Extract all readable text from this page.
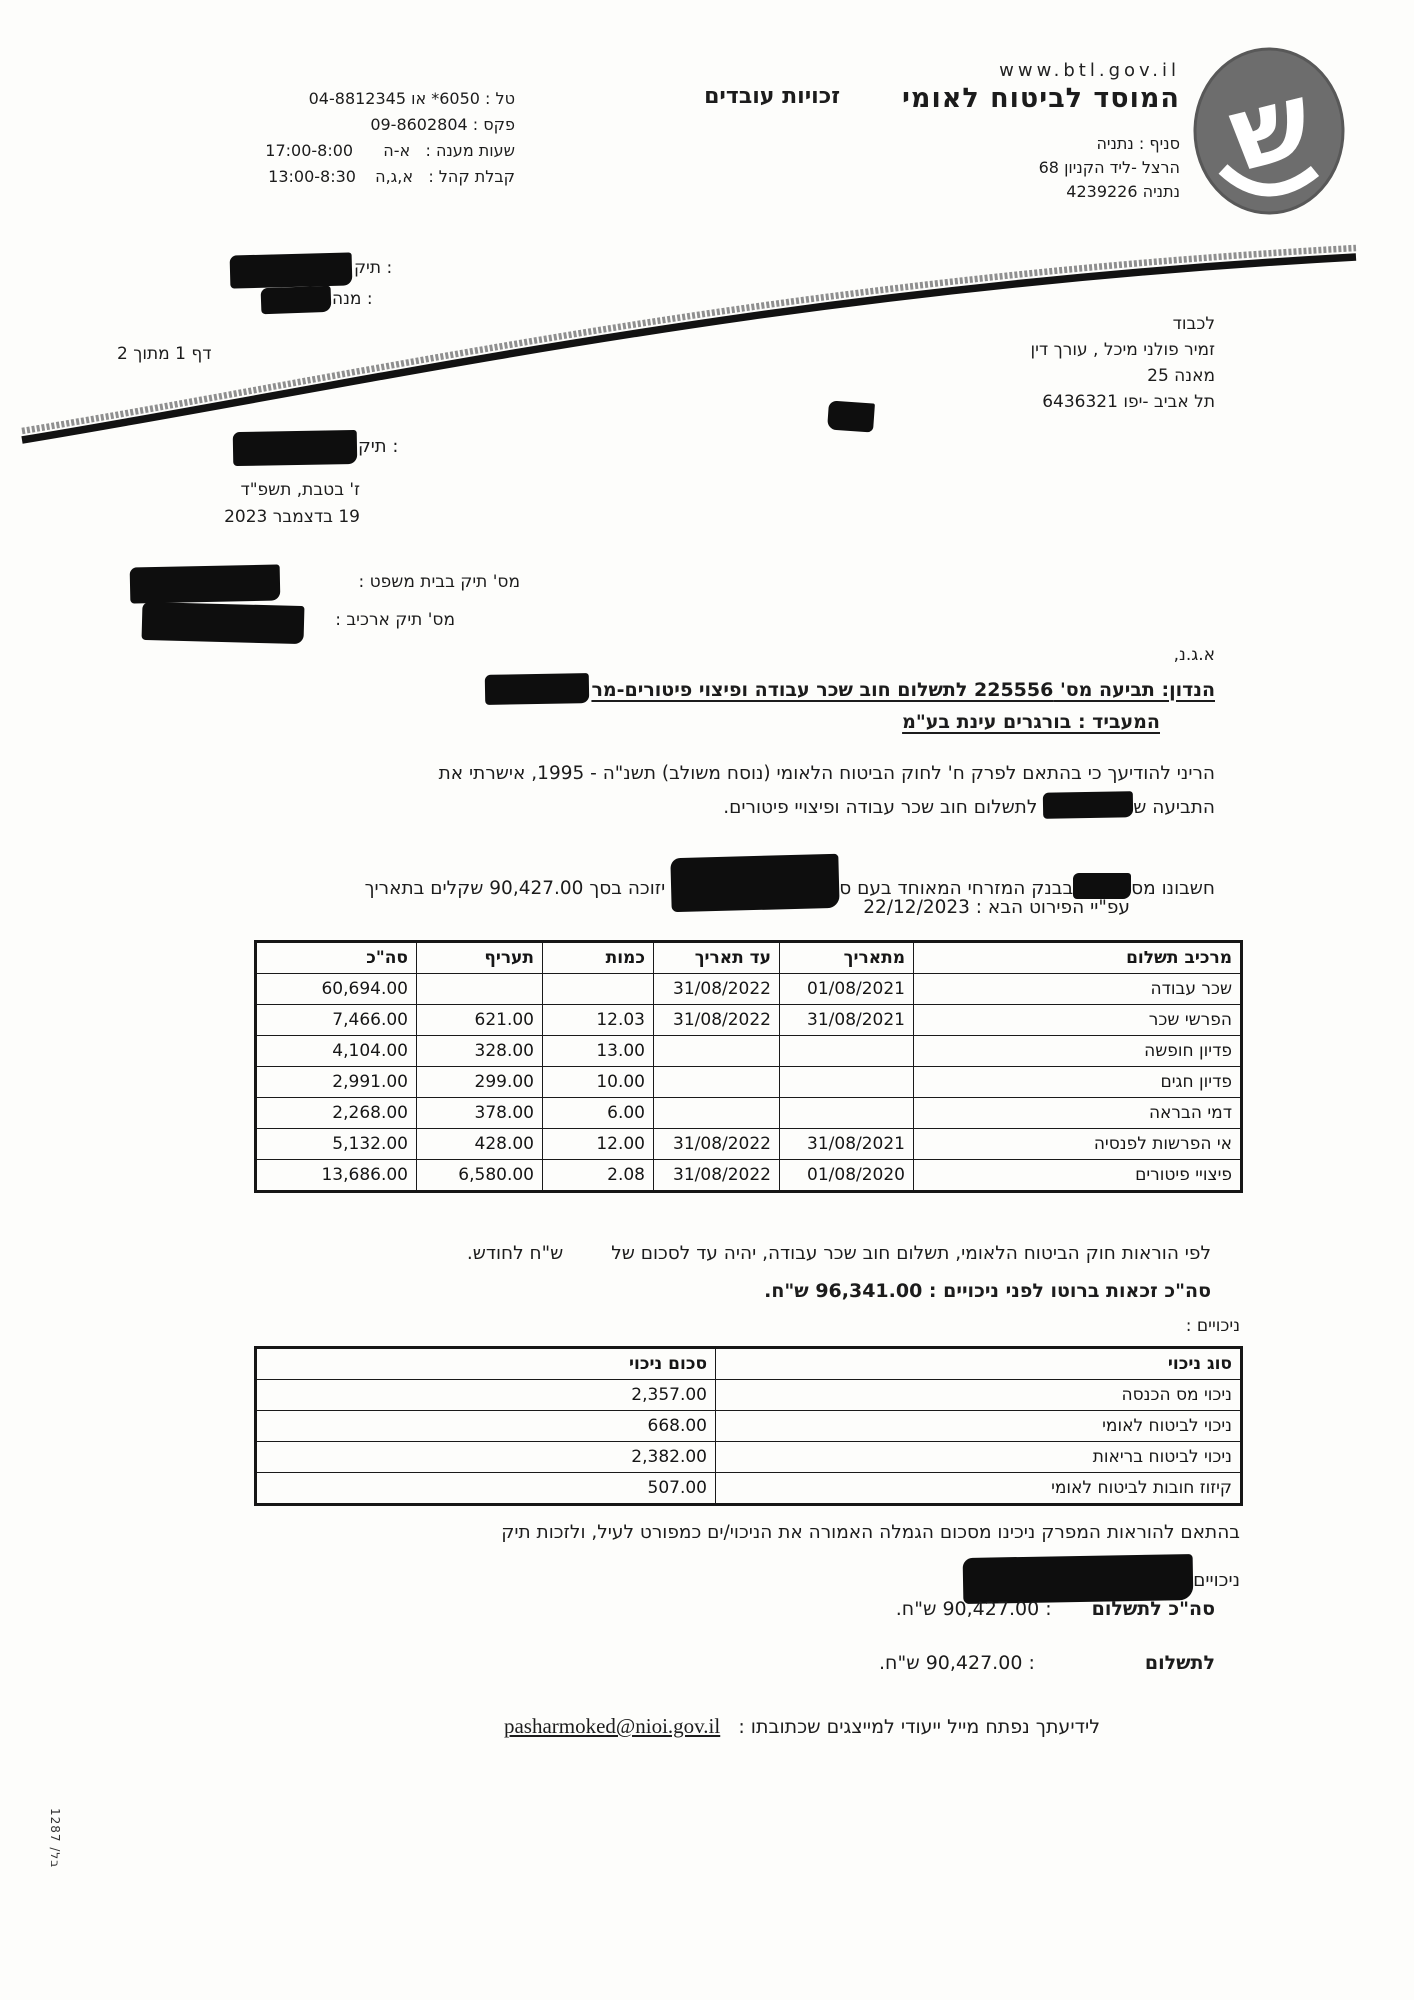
ש
www.btl.gov.il
המוסד לביטוח לאומי
סניף : נתניה
הרצל -ליד הקניון 68
נתניה 4239226
זכויות עובדים
טל : 6050* או 04-8812345
פקס : 09-8602804
שעות מענה :   א-ה 17:00-8:00
קבלת קהל :   א,ג,ה 13:00-8:30
תיק :
מנה :
לכבוד
זמיר פולני מיכל , עורך דין
מאנה 25
תל אביב -יפו 6436321
דף 1 מתוך 2
תיק :
ז' בטבת, תשפ"ד
19 בדצמבר 2023
מס' תיק בבית משפט :
מס' תיק ארכיב :
א.ג.נ,
הנדון: תביעה מס' 225556 לתשלום חוב שכר עבודה ופיצוי פיטורים-מר
המעביד : בורגרים עינת בע"מ
הריני להודיעך כי בהתאם לפרק ח' לחוק הביטוח הלאומי (נוסח משולב) תשנ"ה - 1995, אישרתי את
התביעה ש לתשלום חוב שכר עבודה ופיצויי פיטורים.
חשבונו מסבבנק המזרחי המאוחד בעם ס יזוכה בסך 90,427.00 שקלים בתאריך
22/12/2023 עפ"יי הפירוט הבא :
מרכיב תשלום	מתאריך	עד תאריך	כמות	תעריף	סה"כ
שכר עבודה	01/08/2021	31/08/2022			60,694.00
הפרשי שכר	31/08/2021	31/08/2022	12.03	621.00	7,466.00
פדיון חופשה			13.00	328.00	4,104.00
פדיון חגים			10.00	299.00	2,991.00
דמי הבראה			6.00	378.00	2,268.00
אי הפרשות לפנסיה	31/08/2021	31/08/2022	12.00	428.00	5,132.00
פיצויי פיטורים	01/08/2020	31/08/2022	2.08	6,580.00	13,686.00
לפי הוראות חוק הביטוח הלאומי, תשלום חוב שכר עבודה, יהיה עד לסכום שלש"ח לחודש.
סה"כ זכאות ברוטו לפני ניכויים : 96,341.00 ש"ח.
ניכויים :
סוג ניכוי	סכום ניכוי
ניכוי מס הכנסה	2,357.00
ניכוי לביטוח לאומי	668.00
ניכוי לביטוח בריאות	2,382.00
קיזוז חובות לביטוח לאומי	507.00
בהתאם להוראות המפרק ניכינו מסכום הגמלה האמורה את הניכוי/ים כמפורט לעיל, ולזכות תיק
ניכויים
סה"כ לתשלום: 90,427.00 ש"ח.
לתשלום: 90,427.00 ש"ח.
לידיעתך נפתח מייל ייעודי למייצגים שכתובתו :   pasharmoked@nioi.gov.il
בל/ 1287
